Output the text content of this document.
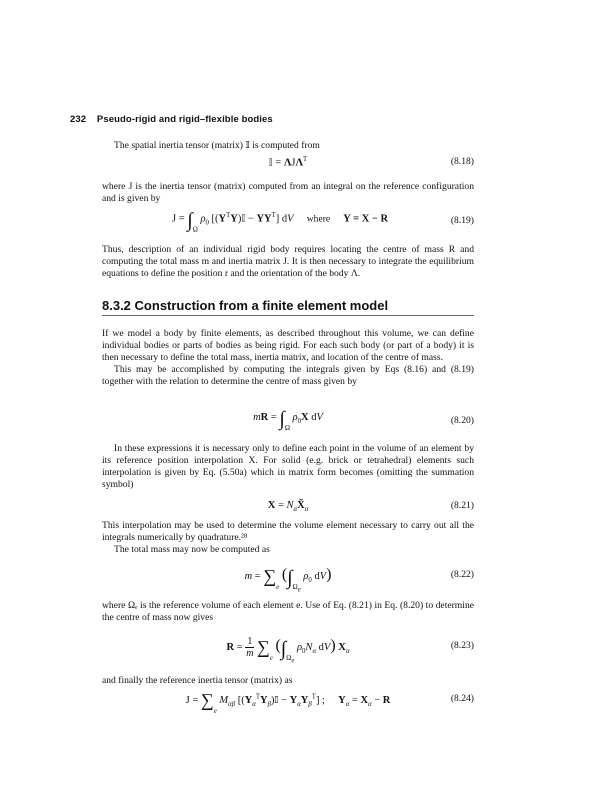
232 Pseudo-rigid and rigid–flexible bodies

The spatial inertia tensor (matrix) 𝕀 is computed from

𝕀 = $\Lambda J\Lambda^T$	(8.18)

where J is the inertia tensor (matrix) computed from an integral on the reference configuration and is given by

$J = \int_\Omega$ $\rho_0$ $[(Y^TY)𝕀 - YY^T]$ dV where Y = X − R	(8.19)

Thus, description of an individual rigid body requires locating the centre of mass R and computing the total mass m and inertia matrix J. It is then necessary to integrate the equilibrium equations to define the position r and the orientation of the body Λ.

8.3.2 Construction from a finite element model

If we model a body by finite elements, as described throughout this volume, we can define individual bodies or parts of bodies as being rigid. For each such body (or part of a body) it is then necessary to define the total mass, inertia matrix, and location of the centre of mass.

This may be accomplished by computing the integrals given by Eqs (8.16) and (8.19) together with the relation to determine the centre of mass given by

mR = $\int_\Omega$ $\rho_0X$ dV	(8.20)

In these expressions it is necessary only to define each point in the volume of an element by its reference position interpolation X. For solid (e.g. brick or tetrahedral) elements such interpolation is given by Eq. (5.50a) which in matrix form becomes (omitting the summation symbol)

$X = N_\alpha X̃_\alpha$	(8.21)

This interpolation may be used to determine the volume element necessary to carry out all the integrals numerically by quadrature.²⁸

The total mass may now be computed as

$m = \sum_e$ ($\int_{\Omega_e}$ $\rho_0$ dV)	(8.22)

where Ωₑ is the reference volume of each element e. Use of Eq. (8.21) in Eq. (8.20) to determine the centre of mass now gives

$R = \frac{1}{m} \sum_e$ ($\int_{\Omega_e}$ $\rho_0N_\alpha$ dV) $X_\alpha$
(8.23)

and finally the reference inertia tensor (matrix) as

$J = \sum_e$ $M_{\alpha\beta}$ $[(Y_\alpha^TY_\beta)𝕀 - Y_\alpha Y_\beta^T]$ ;     $Y_\alpha = X_\alpha - R$	(8.24)
